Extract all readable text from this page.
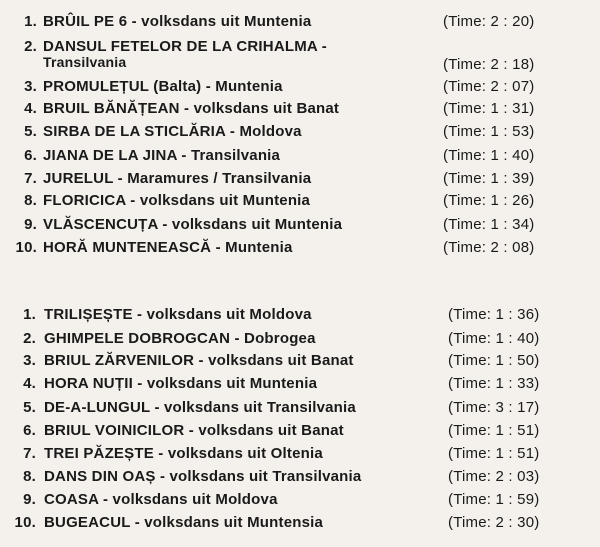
1. BRÛIL PE 6 - volksdans uit Muntenia	(Time: 2 : 20)
2. DANSUL FETELOR DE LA CRIHALMA -
Transilvania	(Time: 2 : 18)
3. PROMULEȚUL (Balta) - Muntenia	(Time: 2 : 07)
4. BRUIL BĂNĂȚEAN - volksdans uit Banat	(Time: 1 : 31)
5. SIRBA DE LA STICLĂRIA - Moldova	(Time: 1 : 53)
6. JIANA DE LA JINA - Transilvania	(Time: 1 : 40)
7. JURELUL - Maramures / Transilvania	(Time: 1 : 39)
8. FLORICICA - volksdans uit Muntenia	(Time: 1 : 26)
9. VLĂSCENCUȚA - volksdans uit Muntenia	(Time: 1 : 34)
10. HORĂ MUNTENEASCĂ - Muntenia	(Time: 2 : 08)
1. TRILIȘEȘTE - volksdans uit Moldova	(Time: 1 : 36)
2. GHIMPELE DOBROGCAN - Dobrogea	(Time: 1 : 40)
3. BRIUL ZĂRVENILOR - volksdans uit Banat	(Time: 1 : 50)
4. HORA NUȚII - volksdans uit Muntenia	(Time: 1 : 33)
5. DE-A-LUNGUL - volksdans uit Transilvania	(Time: 3 : 17)
6. BRIUL VOINICILOR - volksdans uit Banat	(Time: 1 : 51)
7. TREI PĂZEȘTE - volksdans uit Oltenia	(Time: 1 : 51)
8. DANS DIN OAȘ - volksdans uit Transilvania	(Time: 2 : 03)
9. COASA - volksdans uit Moldova	(Time: 1 : 59)
10. BUGEACUL - volksdans uit Muntensia	(Time: 2 : 30)
